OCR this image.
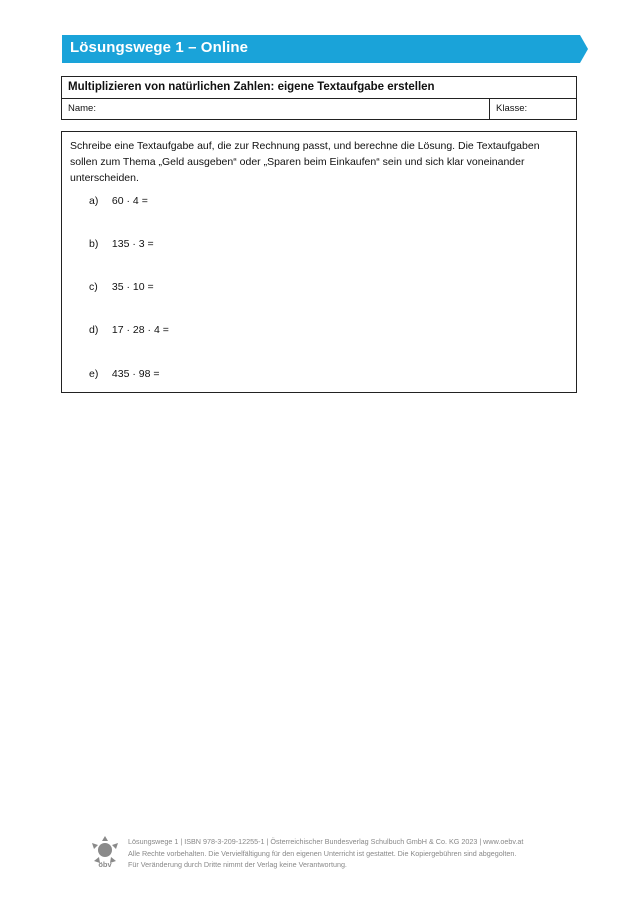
Lösungswege 1 – Online
Multiplizieren von natürlichen Zahlen: eigene Textaufgabe erstellen
Name:	Klasse:
Schreibe eine Textaufgabe auf, die zur Rechnung passt, und berechne die Lösung. Die Textaufgaben sollen zum Thema „Geld ausgeben“ oder „Sparen beim Einkaufen“ sein und sich klar voneinander unterscheiden.
a) 60 · 4 =
b) 135 · 3 =
c) 35 · 10 =
d) 17 · 28 · 4 =
e) 435 · 98 =
öbv
Lösungswege 1 | ISBN 978-3-209-12255-1 | Österreichischer Bundesverlag Schulbuch GmbH & Co. KG 2023 | www.oebv.at
Alle Rechte vorbehalten. Die Vervielfältigung für den eigenen Unterricht ist gestattet. Die Kopiergebühren sind abgegolten.
Für Veränderung durch Dritte nimmt der Verlag keine Verantwortung.
